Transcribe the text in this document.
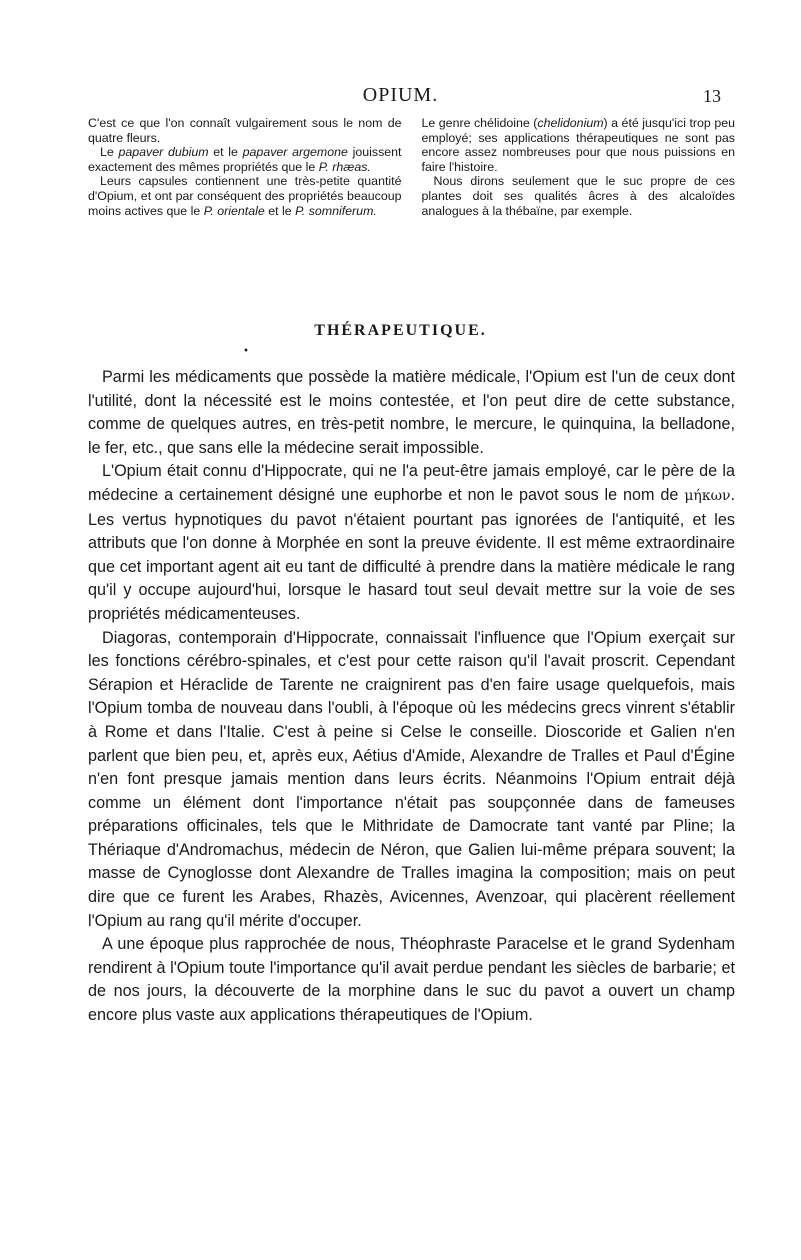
OPIUM.	13

C'est ce que l'on connaît vulgairement sous le nom de quatre fleurs.

Le papaver dubium et le papaver argemone jouissent exactement des mêmes propriétés que le P. rhæas.

Leurs capsules contiennent une très-petite quantité d'Opium, et ont par conséquent des propriétés beaucoup moins actives que le P. orientale et le P. somniferum.

Le genre chélidoine (chelidonium) a été jusqu'ici trop peu employé; ses applications thérapeutiques ne sont pas encore assez nombreuses pour que nous puissions en faire l'histoire.

Nous dirons seulement que le suc propre de ces plantes doit ses qualités âcres à des alcaloïdes analogues à la thébaïne, par exemple.

THÉRAPEUTIQUE.
•

Parmi les médicaments que possède la matière médicale, l'Opium est l'un de ceux dont l'utilité, dont la nécessité est le moins contestée, et l'on peut dire de cette substance, comme de quelques autres, en très-petit nombre, le mercure, le quinquina, la belladone, le fer, etc., que sans elle la médecine serait impossible.

L'Opium était connu d'Hippocrate, qui ne l'a peut-être jamais employé, car le père de la médecine a certainement désigné une euphorbe et non le pavot sous le nom de μήκων. Les vertus hypnotiques du pavot n'étaient pourtant pas ignorées de l'antiquité, et les attributs que l'on donne à Morphée en sont la preuve évidente. Il est même extraordinaire que cet important agent ait eu tant de difficulté à prendre dans la matière médicale le rang qu'il y occupe aujourd'hui, lorsque le hasard tout seul devait mettre sur la voie de ses propriétés médicamenteuses.

Diagoras, contemporain d'Hippocrate, connaissait l'influence que l'Opium exerçait sur les fonctions cérébro-spinales, et c'est pour cette raison qu'il l'avait proscrit. Cependant Sérapion et Héraclide de Tarente ne craignirent pas d'en faire usage quelquefois, mais l'Opium tomba de nouveau dans l'oubli, à l'époque où les médecins grecs vinrent s'établir à Rome et dans l'Italie. C'est à peine si Celse le conseille. Dioscoride et Galien n'en parlent que bien peu, et, après eux, Aétius d'Amide, Alexandre de Tralles et Paul d'Égine n'en font presque jamais mention dans leurs écrits. Néanmoins l'Opium entrait déjà comme un élément dont l'importance n'était pas soupçonnée dans de fameuses préparations officinales, tels que le Mithridate de Damocrate tant vanté par Pline; la Thériaque d'Andromachus, médecin de Néron, que Galien lui-même prépara souvent; la masse de Cynoglosse dont Alexandre de Tralles imagina la composition; mais on peut dire que ce furent les Arabes, Rhazès, Avicennes, Avenzoar, qui placèrent réellement l'Opium au rang qu'il mérite d'occuper.

A une époque plus rapprochée de nous, Théophraste Paracelse et le grand Sydenham rendirent à l'Opium toute l'importance qu'il avait perdue pendant les siècles de barbarie; et de nos jours, la découverte de la morphine dans le suc du pavot a ouvert un champ encore plus vaste aux applications thérapeutiques de l'Opium.
